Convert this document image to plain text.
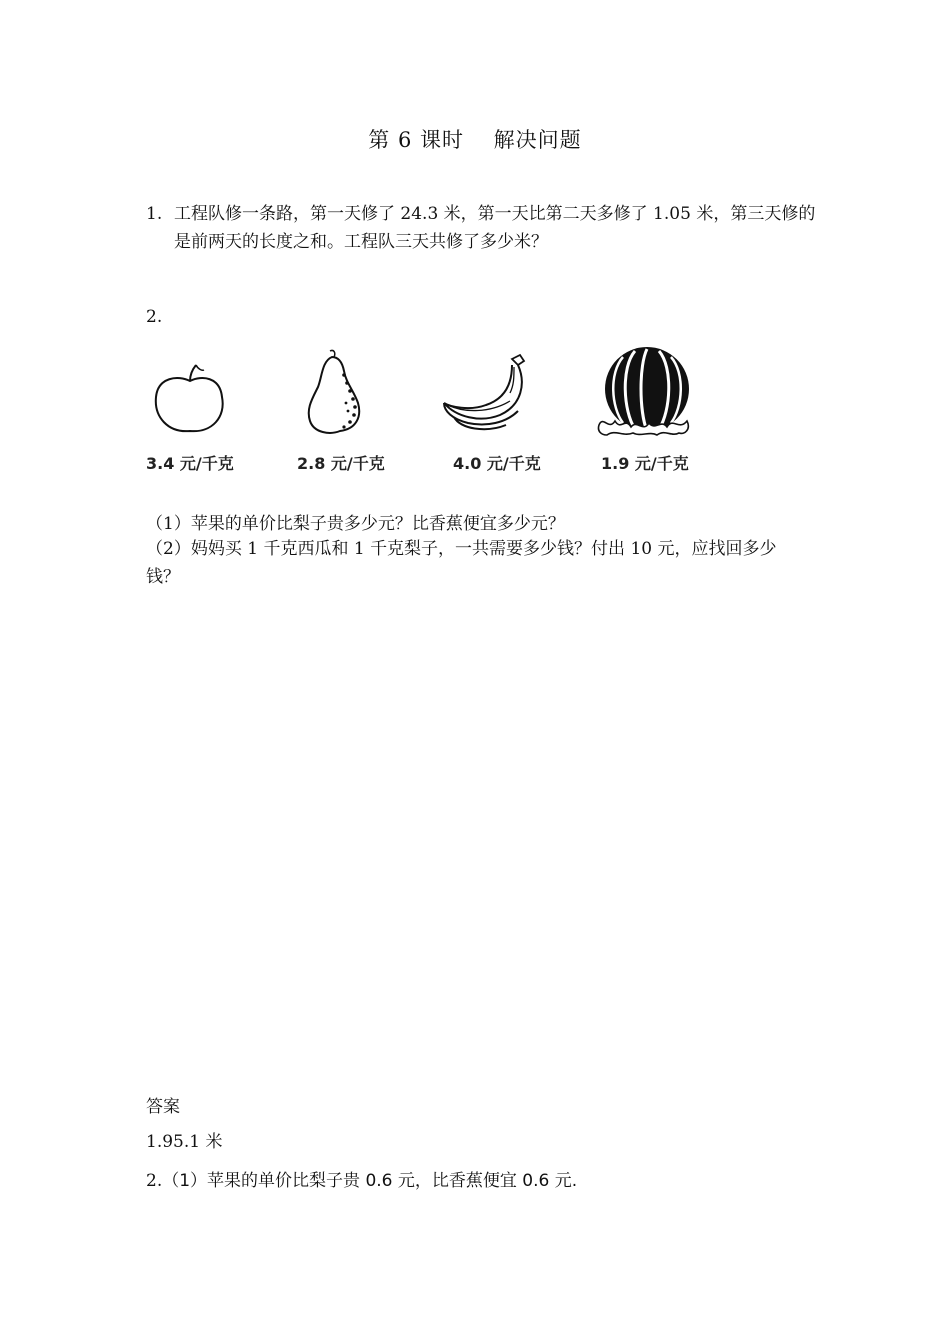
第 6 课时　 解决问题
1. 工程队修一条路，第一天修了 24.3 米，第一天比第二天多修了 1.05 米，第三天修的是前两天的长度之和。工程队三天共修了多少米？
2.
3.4 元/千克	2.8 元/千克	4.0 元/千克	1.9 元/千克
（1）苹果的单价比梨子贵多少元？比香蕉便宜多少元？
（2）妈妈买 1 千克西瓜和 1 千克梨子，一共需要多少钱？付出 10 元，应找回多少钱？
答案
1.95.1 米
2.（1）苹果的单价比梨子贵 0.6 元，比香蕉便宜 0.6 元.
